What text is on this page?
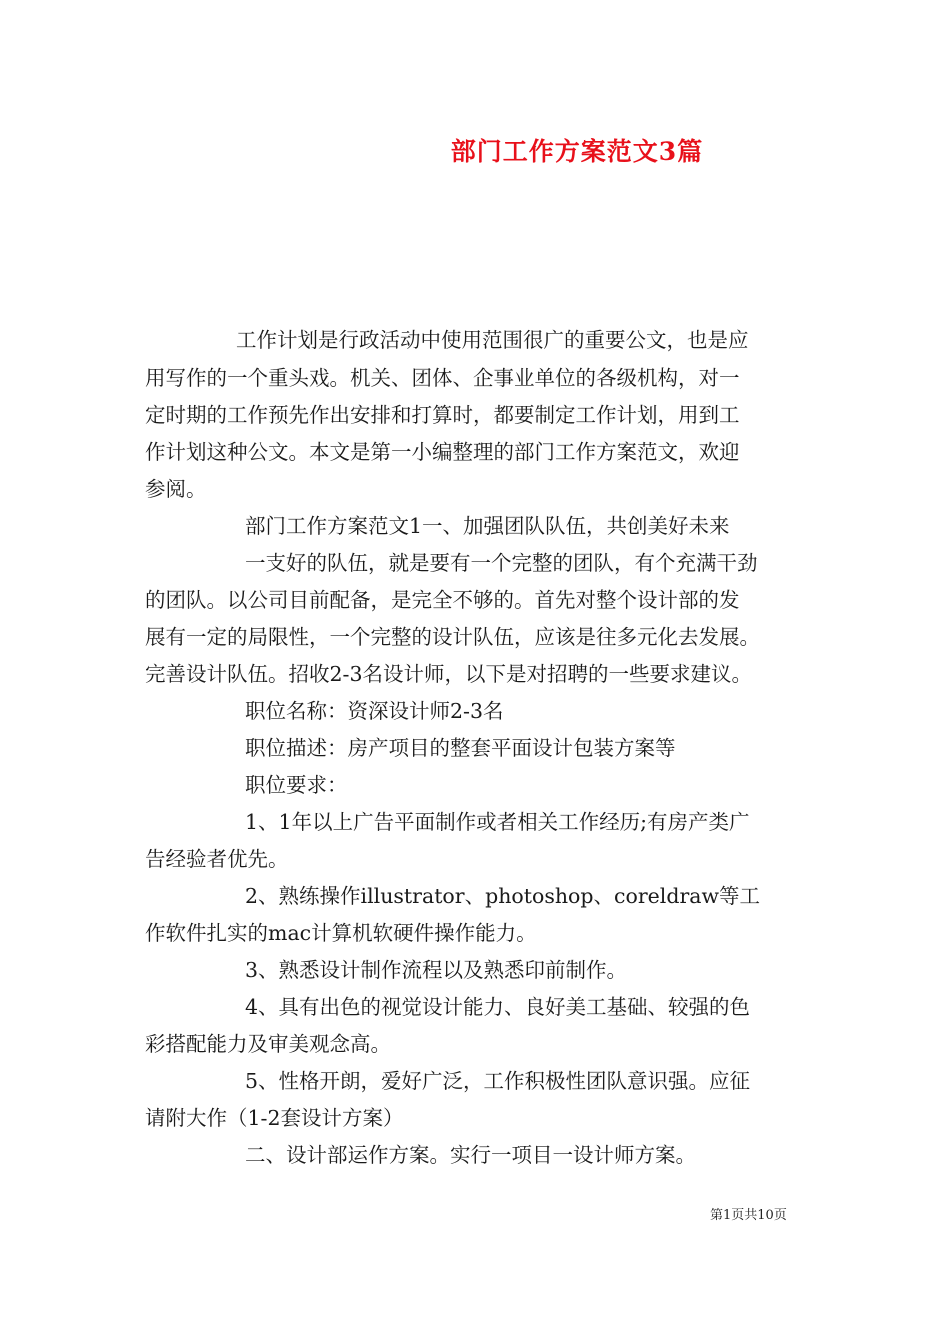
部门工作方案范文3篇
工作计划是行政活动中使用范围很广的重要公文，也是应
用写作的一个重头戏。机关、团体、企事业单位的各级机构，对一
定时期的工作预先作出安排和打算时，都要制定工作计划，用到工
作计划这种公文。本文是第一小编整理的部门工作方案范文，欢迎
参阅。
部门工作方案范文1一、加强团队队伍，共创美好未来
一支好的队伍，就是要有一个完整的团队，有个充满干劲
的团队。以公司目前配备，是完全不够的。首先对整个设计部的发
展有一定的局限性，一个完整的设计队伍，应该是往多元化去发展。
完善设计队伍。招收2-3名设计师，以下是对招聘的一些要求建议。
职位名称：资深设计师2-3名
职位描述：房产项目的整套平面设计包装方案等
职位要求：
1、1年以上广告平面制作或者相关工作经历;有房产类广
告经验者优先。
2、熟练操作illustrator、photoshop、coreldraw等工
作软件扎实的mac计算机软硬件操作能力。
3、熟悉设计制作流程以及熟悉印前制作。
4、具有出色的视觉设计能力、良好美工基础、较强的色
彩搭配能力及审美观念高。
5、性格开朗，爱好广泛，工作积极性团队意识强。应征
请附大作（1-2套设计方案）
二、设计部运作方案。实行一项目一设计师方案。
第1页共10页
